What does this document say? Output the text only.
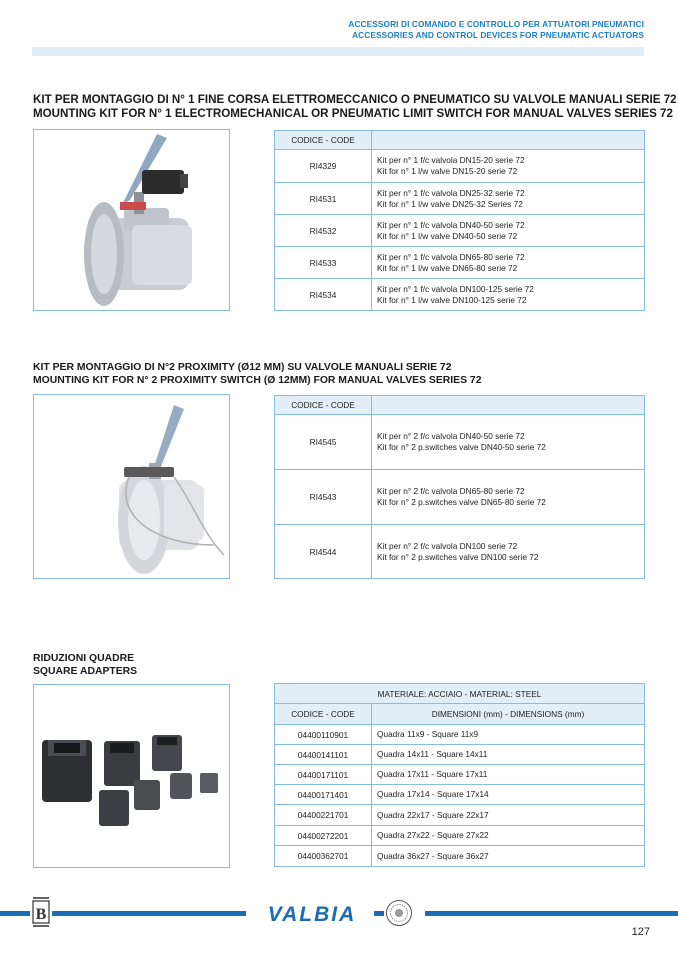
ACCESSORI DI COMANDO E CONTROLLO PER ATTUATORI PNEUMATICI
ACCESSORIES AND CONTROL DEVICES FOR PNEUMATIC ACTUATORS
KIT PER MONTAGGIO DI N° 1 FINE CORSA ELETTROMECCANICO O PNEUMATICO SU VALVOLE MANUALI SERIE 72
MOUNTING KIT FOR N° 1 ELECTROMECHANICAL OR PNEUMATIC LIMIT SWITCH FOR MANUAL VALVES SERIES 72
CODICE - CODE	
RI4329	Kit per n° 1 f/c valvola DN15-20 serie 72
Kit for n° 1 l/w valve DN15-20 serie 72

RI4531	Kit per n° 1 f/c valvola DN25-32 serie 72
Kit for n° 1 l/w valve DN25-32 Series 72

RI4532	Kit per n° 1 f/c valvola DN40-50 serie 72
Kit for n° 1 l/w valve DN40-50 serie 72

RI4533	Kit per n° 1 f/c valvola DN65-80 serie 72
Kit for n° 1 l/w valve DN65-80 serie 72

RI4534	Kit per n° 1 f/c valvola DN100-125 serie 72
Kit for n° 1 l/w valve DN100-125 serie 72
KIT PER MONTAGGIO DI N°2 PROXIMITY (Ø12 MM) SU VALVOLE MANUALI SERIE 72
MOUNTING KIT FOR N° 2 PROXIMITY SWITCH (Ø 12MM) FOR MANUAL VALVES SERIES 72
CODICE - CODE	
RI4545	Kit per n° 2 f/c valvola DN40-50 serie 72
Kit for n° 2 p.switches valve DN40-50 serie 72

RI4543	Kit per n° 2 f/c valvola DN65-80 serie 72
Kit for n° 2 p.switches valve DN65-80 serie 72

RI4544	Kit per n° 2 f/c valvola DN100 serie 72
Kit for n° 2 p.switches valve DN100 serie 72
RIDUZIONI QUADRE
SQUARE ADAPTERS
MATERIALE: ACCIAIO - MATERIAL: STEEL	
CODICE - CODE	DIMENSIONI (mm) - DIMENSIONS (mm)
04400110901	Quadra 11x9 - Square 11x9
04400141101	Quadra 14x11 - Square 14x11
04400171101	Quadra 17x11 - Square 17x11
04400171401	Quadra 17x14 - Square 17x14
04400221701	Quadra 22x17 - Square 22x17
04400272201	Quadra 27x22 - Square 27x22
04400362701	Quadra 36x27 - Square 36x27
B	VALBIA
127
